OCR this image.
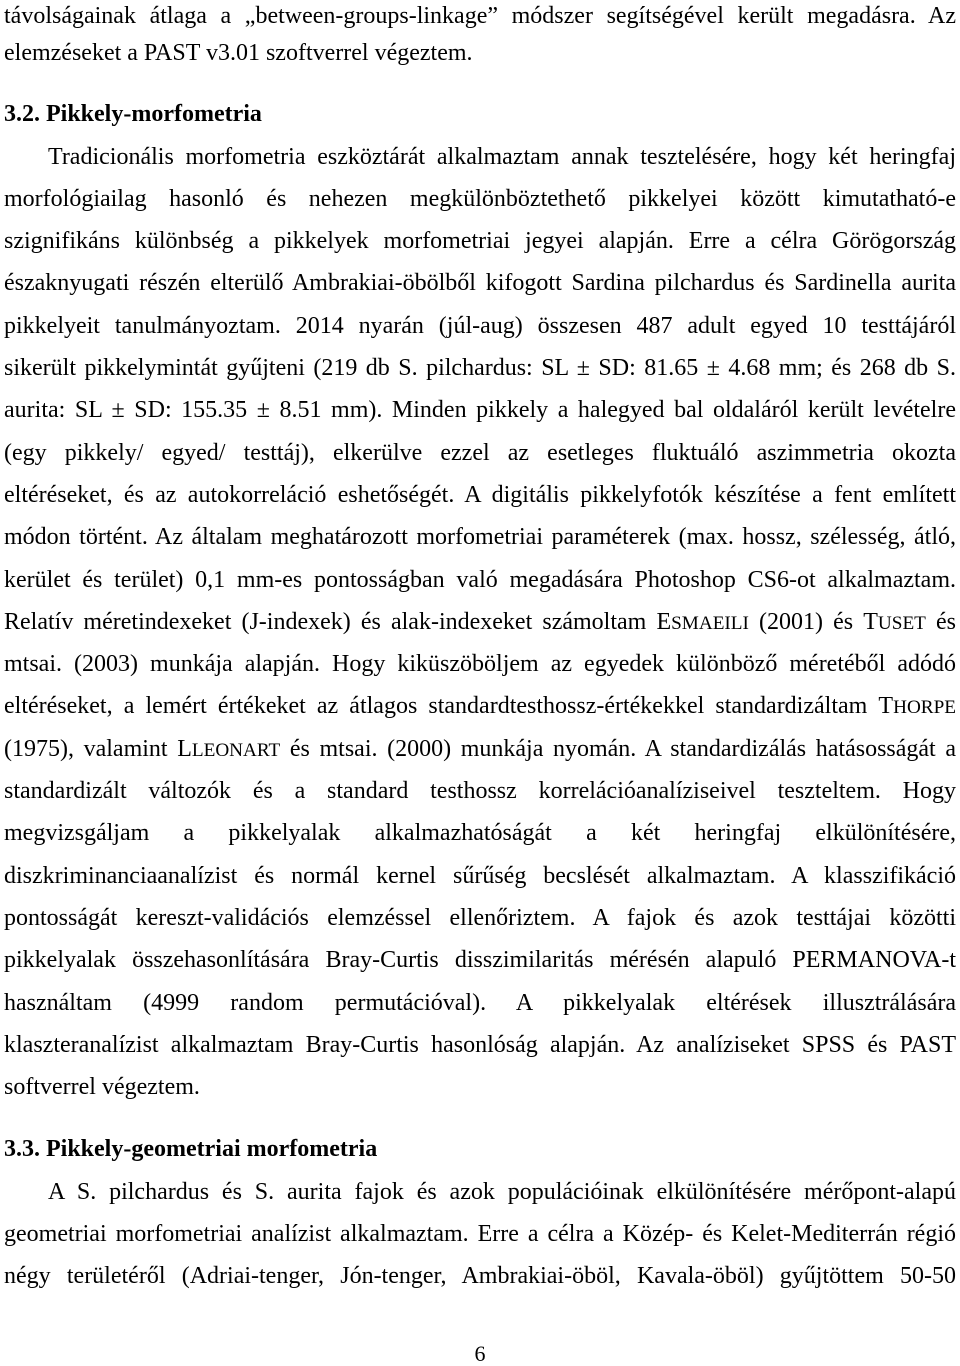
távolságainak átlaga a „between-groups-linkage” módszer segítségével került megadásra. Az
elemzéseket a PAST v3.01 szoftverrel végeztem.
3.2. Pikkely-morfometria
Tradicionális morfometria eszköztárát alkalmaztam annak tesztelésére, hogy két heringfaj
morfológiailag hasonló és nehezen megkülönböztethető pikkelyei között kimutatható-e
szignifikáns különbség a pikkelyek morfometriai jegyei alapján. Erre a célra Görögország
északnyugati részén elterülő Ambrakiai-öbölből kifogott Sardina pilchardus és Sardinella aurita
pikkelyeit tanulmányoztam. 2014 nyarán (júl-aug) összesen 487 adult egyed 10 testtájáról
sikerült pikkelymintát gyűjteni (219 db S. pilchardus: SL ± SD: 81.65 ± 4.68 mm; és 268 db S.
aurita: SL ± SD: 155.35 ± 8.51 mm). Minden pikkely a halegyed bal oldaláról került levételre
(egy pikkely/ egyed/ testtáj), elkerülve ezzel az esetleges fluktuáló aszimmetria okozta
eltéréseket, és az autokorreláció eshetőségét. A digitális pikkelyfotók készítése a fent említett
módon történt. Az általam meghatározott morfometriai paraméterek (max. hossz, szélesség, átló,
kerület és terület) 0,1 mm-es pontosságban való megadására Photoshop CS6-ot alkalmaztam.
Relatív méretindexeket (J-indexek) és alak-indexeket számoltam ESMAEILI (2001) és TUSET és
mtsai. (2003) munkája alapján. Hogy kiküszöböljem az egyedek különböző méretéből adódó
eltéréseket, a lemért értékeket az átlagos standardtesthossz-értékekkel standardizáltam THORPE
(1975), valamint LLEONART és mtsai. (2000) munkája nyomán. A standardizálás hatásosságát a
standardizált változók és a standard testhossz korrelációanalíziseivel teszteltem. Hogy
megvizsgáljam a pikkelyalak alkalmazhatóságát a két heringfaj elkülönítésére,
diszkriminanciaanalízist és normál kernel sűrűség becslését alkalmaztam. A klasszifikáció
pontosságát kereszt-validációs elemzéssel ellenőriztem. A fajok és azok testtájai közötti
pikkelyalak összehasonlítására Bray-Curtis disszimilaritás mérésén alapuló PERMANOVA-t
használtam (4999 random permutációval). A pikkelyalak eltérések illusztrálására
klaszteranalízist alkalmaztam Bray-Curtis hasonlóság alapján. Az analíziseket SPSS és PAST
softverrel végeztem.
3.3. Pikkely-geometriai morfometria
A S. pilchardus és S. aurita fajok és azok populációinak elkülönítésére mérőpont-alapú
geometriai morfometriai analízist alkalmaztam. Erre a célra a Közép- és Kelet-Mediterrán régió
négy területéről (Adriai-tenger, Jón-tenger, Ambrakiai-öböl, Kavala-öböl) gyűjtöttem 50-50
6
